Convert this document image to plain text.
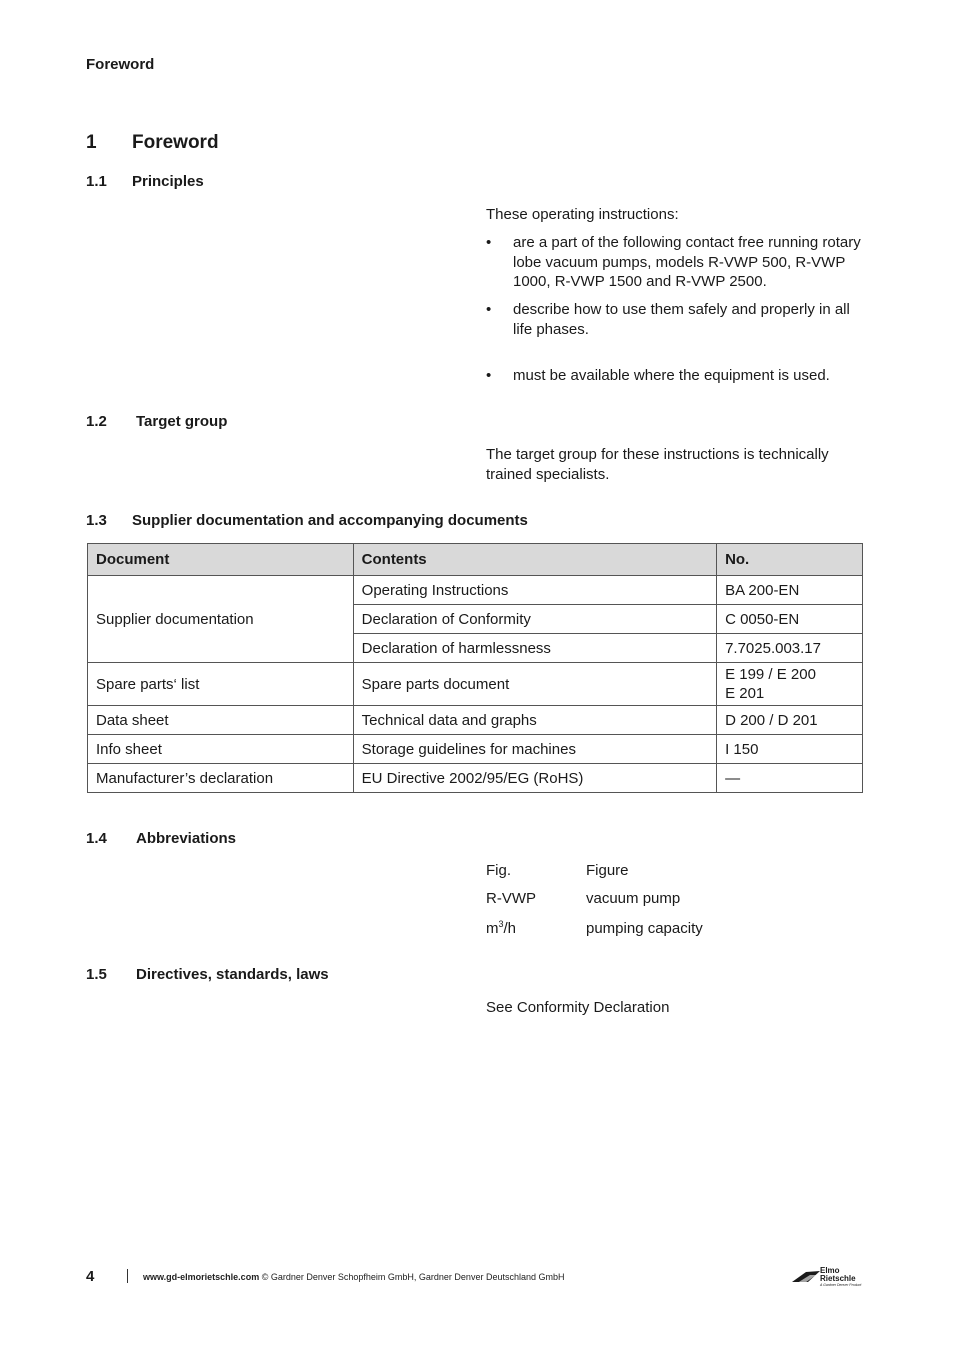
Foreword
1 Foreword
1.1 Principles
These operating instructions:
• are a part of the following contact free running rotary lobe vacuum pumps, models R-VWP 500, R-VWP 1000, R-VWP 1500 and R-VWP 2500.
• describe how to use them safely and properly in all life phases.
• must be available where the equipment is used.
1.2 Target group
The target group for these instructions is technically trained specialists.
1.3 Supplier documentation and accompanying documents
Document	Contents	No.
Supplier documentation	Operating Instructions	BA 200-EN
	Declaration of Conformity	C 0050-EN
	Declaration of harmlessness	7.7025.003.17
Spare parts‘ list	Spare parts document	E 199 / E 200
E 201

Data sheet	Technical data and graphs	D 200 / D 201
Info sheet	Storage guidelines for machines	I 150
Manufacturer’s declaration	EU Directive 2002/95/EG (RoHS)	—
1.4 Abbreviations
Fig.	Figure
R-VWP	vacuum pump
$m^3/h$	pumping capacity
1.5 Directives, standards, laws
See Conformity Declaration
4	www.gd-elmorietschle.com © Gardner Denver Schopfheim GmbH, Gardner Denver Deutschland GmbH
Elmo Rietschle
A Gardner Denver Product
